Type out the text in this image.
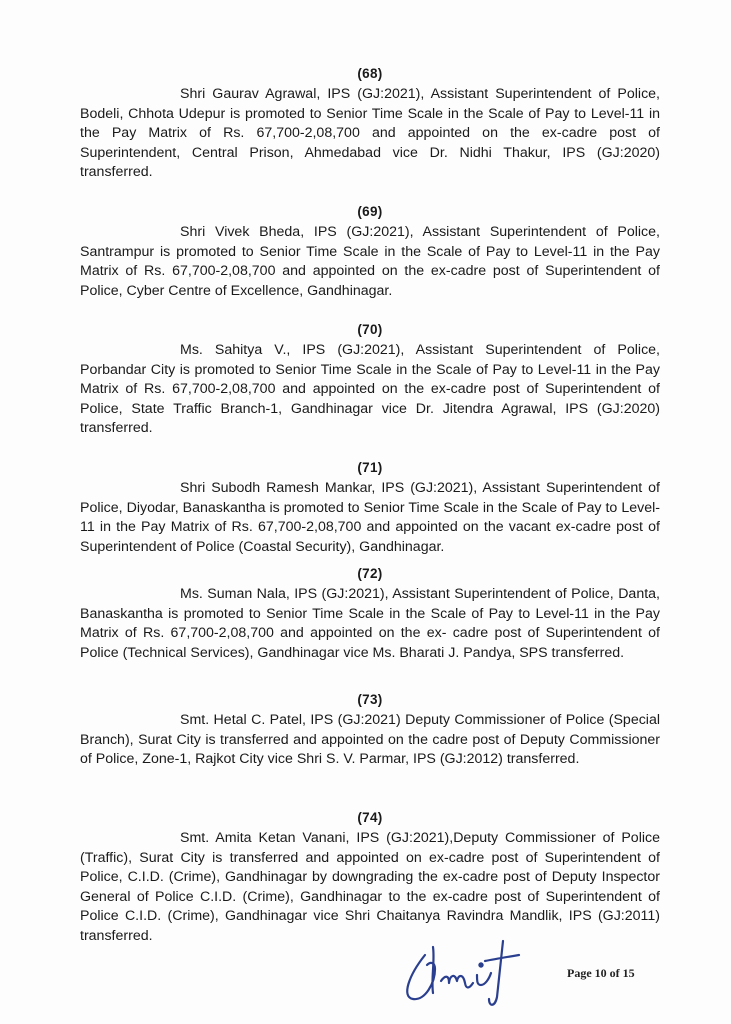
(68)

Shri Gaurav Agrawal, IPS (GJ:2021), Assistant Superintendent of Police, Bodeli, Chhota Udepur is promoted to Senior Time Scale in the Scale of Pay to Level-11 in the Pay Matrix of Rs. 67,700-2,08,700 and appointed on the ex-cadre post of Superintendent, Central Prison, Ahmedabad vice Dr. Nidhi Thakur, IPS (GJ:2020) transferred.

(69)

Shri Vivek Bheda, IPS (GJ:2021), Assistant Superintendent of Police, Santrampur is promoted to Senior Time Scale in the Scale of Pay to Level-11 in the Pay Matrix of Rs. 67,700-2,08,700 and appointed on the ex-cadre post of Superintendent of Police, Cyber Centre of Excellence, Gandhinagar.

(70)

Ms. Sahitya V., IPS (GJ:2021), Assistant Superintendent of Police, Porbandar City is promoted to Senior Time Scale in the Scale of Pay to Level-11 in the Pay Matrix of Rs. 67,700-2,08,700 and appointed on the ex-cadre post of Superintendent of Police, State Traffic Branch-1, Gandhinagar vice Dr. Jitendra Agrawal, IPS (GJ:2020) transferred.

(71)

Shri Subodh Ramesh Mankar, IPS (GJ:2021), Assistant Superintendent of Police, Diyodar, Banaskantha is promoted to Senior Time Scale in the Scale of Pay to Level-11 in the Pay Matrix of Rs. 67,700-2,08,700 and appointed on the vacant ex-cadre post of Superintendent of Police (Coastal Security), Gandhinagar.

(72)

Ms. Suman Nala, IPS (GJ:2021), Assistant Superintendent of Police, Danta, Banaskantha is promoted to Senior Time Scale in the Scale of Pay to Level-11 in the Pay Matrix of Rs. 67,700-2,08,700 and appointed on the ex- cadre post of Superintendent of Police (Technical Services), Gandhinagar vice Ms. Bharati J. Pandya, SPS transferred.

(73)

Smt. Hetal C. Patel, IPS (GJ:2021) Deputy Commissioner of Police (Special Branch), Surat City is transferred and appointed on the cadre post of Deputy Commissioner of Police, Zone-1, Rajkot City vice Shri S. V. Parmar, IPS (GJ:2012) transferred.

(74)

Smt. Amita Ketan Vanani, IPS (GJ:2021),Deputy Commissioner of Police (Traffic), Surat City is transferred and appointed on ex-cadre post of Superintendent of Police, C.I.D. (Crime), Gandhinagar by downgrading the ex-cadre post of Deputy Inspector General of Police C.I.D. (Crime), Gandhinagar to the ex-cadre post of Superintendent of Police C.I.D. (Crime), Gandhinagar vice Shri Chaitanya Ravindra Mandlik, IPS (GJ:2011) transferred.

Page 10 of 15
